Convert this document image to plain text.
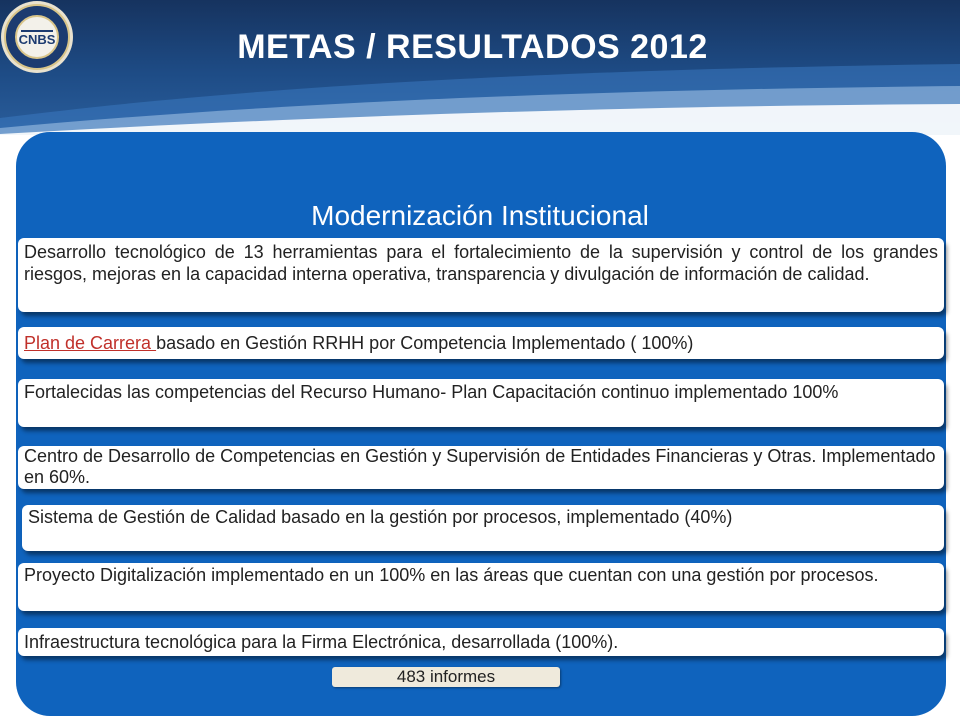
METAS / RESULTADOS 2012
CNBS
Modernización Institucional
Desarrollo tecnológico de 13 herramientas para el fortalecimiento de la supervisión y control de los grandes riesgos, mejoras en la capacidad interna operativa, transparencia y divulgación de información de calidad.
Plan de Carrera basado en Gestión RRHH por Competencia Implementado ( 100%)
Fortalecidas las competencias del Recurso Humano- Plan Capacitación continuo implementado 100%
Centro de Desarrollo de Competencias en Gestión y Supervisión de Entidades Financieras y Otras. Implementado en 60%.
Sistema de Gestión de Calidad basado en la gestión por procesos, implementado (40%)
Proyecto Digitalización implementado en un 100% en las áreas que cuentan con una gestión por procesos.
Infraestructura tecnológica para la Firma Electrónica, desarrollada (100%).
483 informes
